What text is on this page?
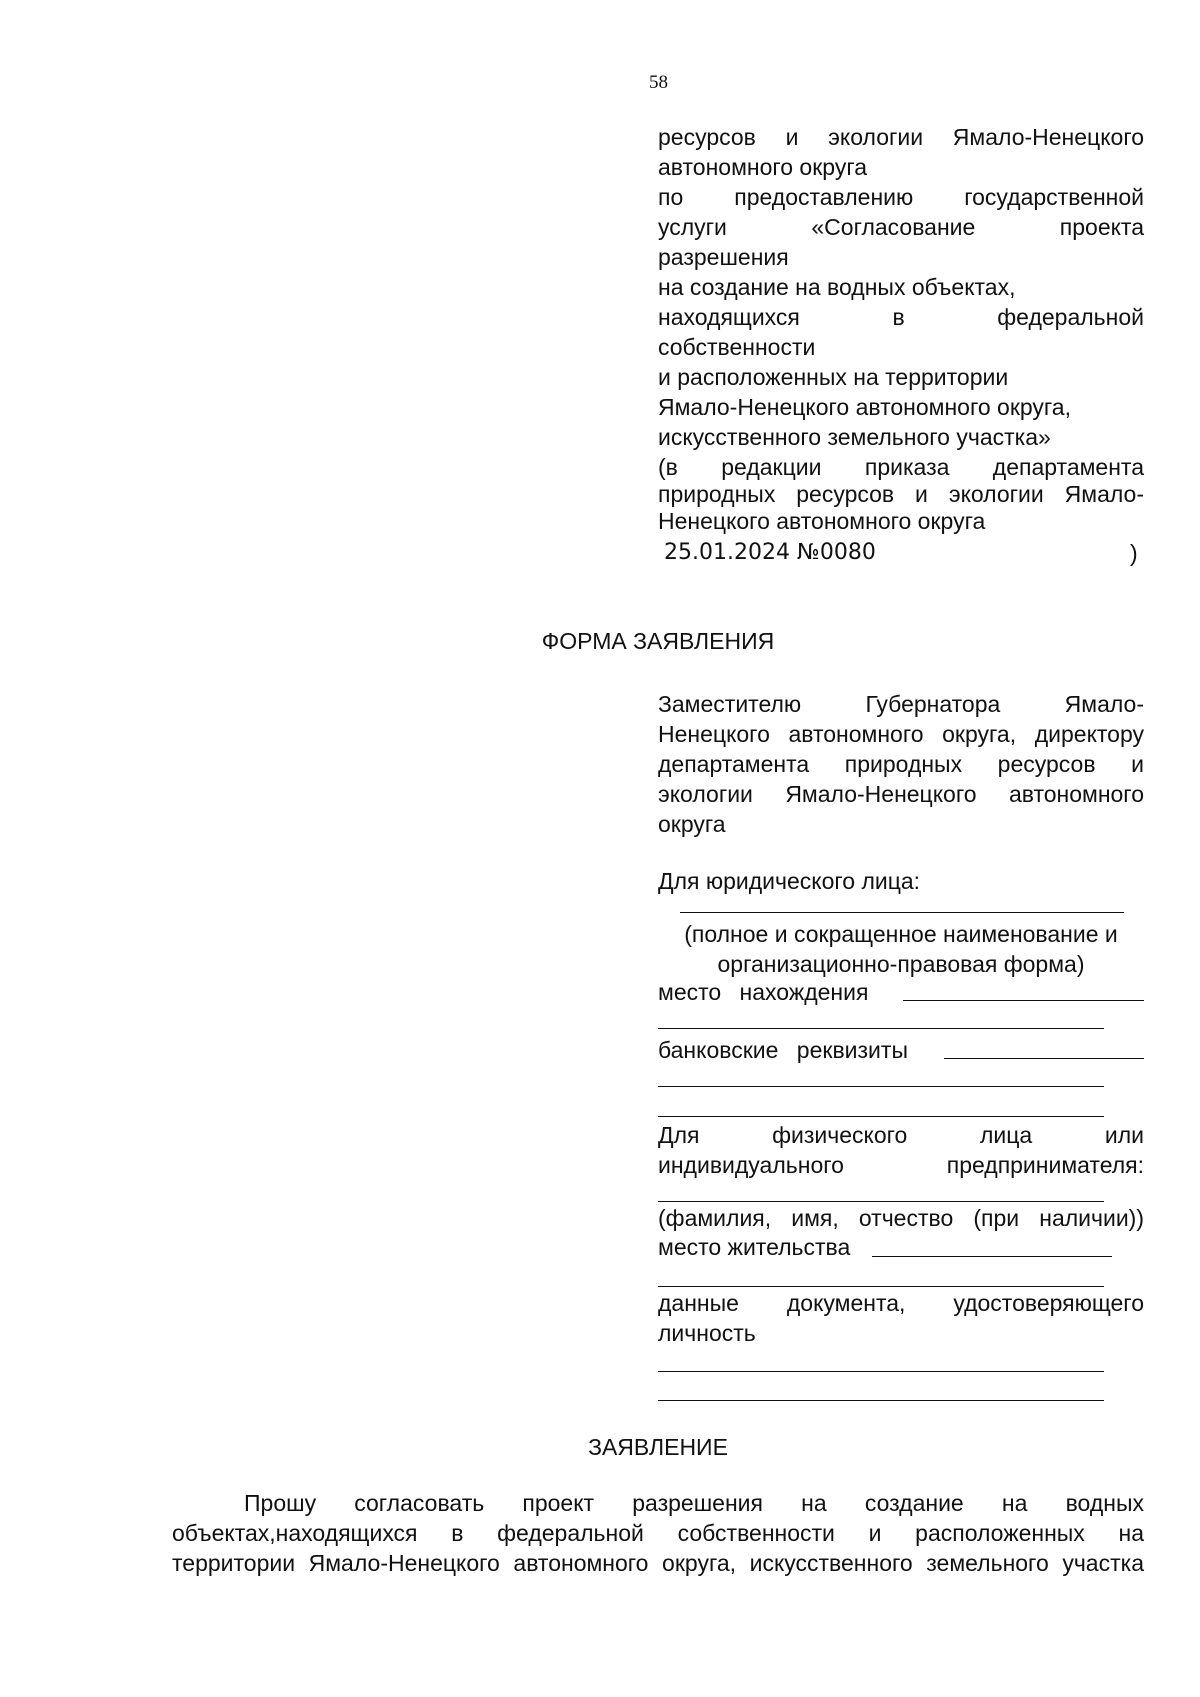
58
ресурсов и экологии Ямало-Ненецкого
автономного округа
по предоставлению государственной
услуги «Согласование проекта
разрешения
на создание на водных объектах,
находящихся в федеральной
собственности
и расположенных на территории
Ямало-Ненецкого автономного округа,
искусственного земельного участка»
(в редакции приказа департамента
природных ресурсов и экологии Ямало-
Ненецкого автономного округа
25.01.2024 №0080	)
ФОРМА ЗАЯВЛЕНИЯ
Заместителю Губернатора Ямало-
Ненецкого автономного округа, директору
департамента природных ресурсов и
экологии Ямало-Ненецкого автономного
округа
Для юридического лица:
(полное и сокращенное наименование и
организационно-правовая форма)
место нахождения
банковские реквизиты
Для физического лица или
индивидуального предпринимателя:
(фамилия, имя, отчество (при наличии))
место жительства
данные документа, удостоверяющего
личность
ЗАЯВЛЕНИЕ
Прошу согласовать проект разрешения на создание на водных
объектах,находящихся в федеральной собственности и расположенных на
территории Ямало-Ненецкого автономного округа, искусственного земельного участка
